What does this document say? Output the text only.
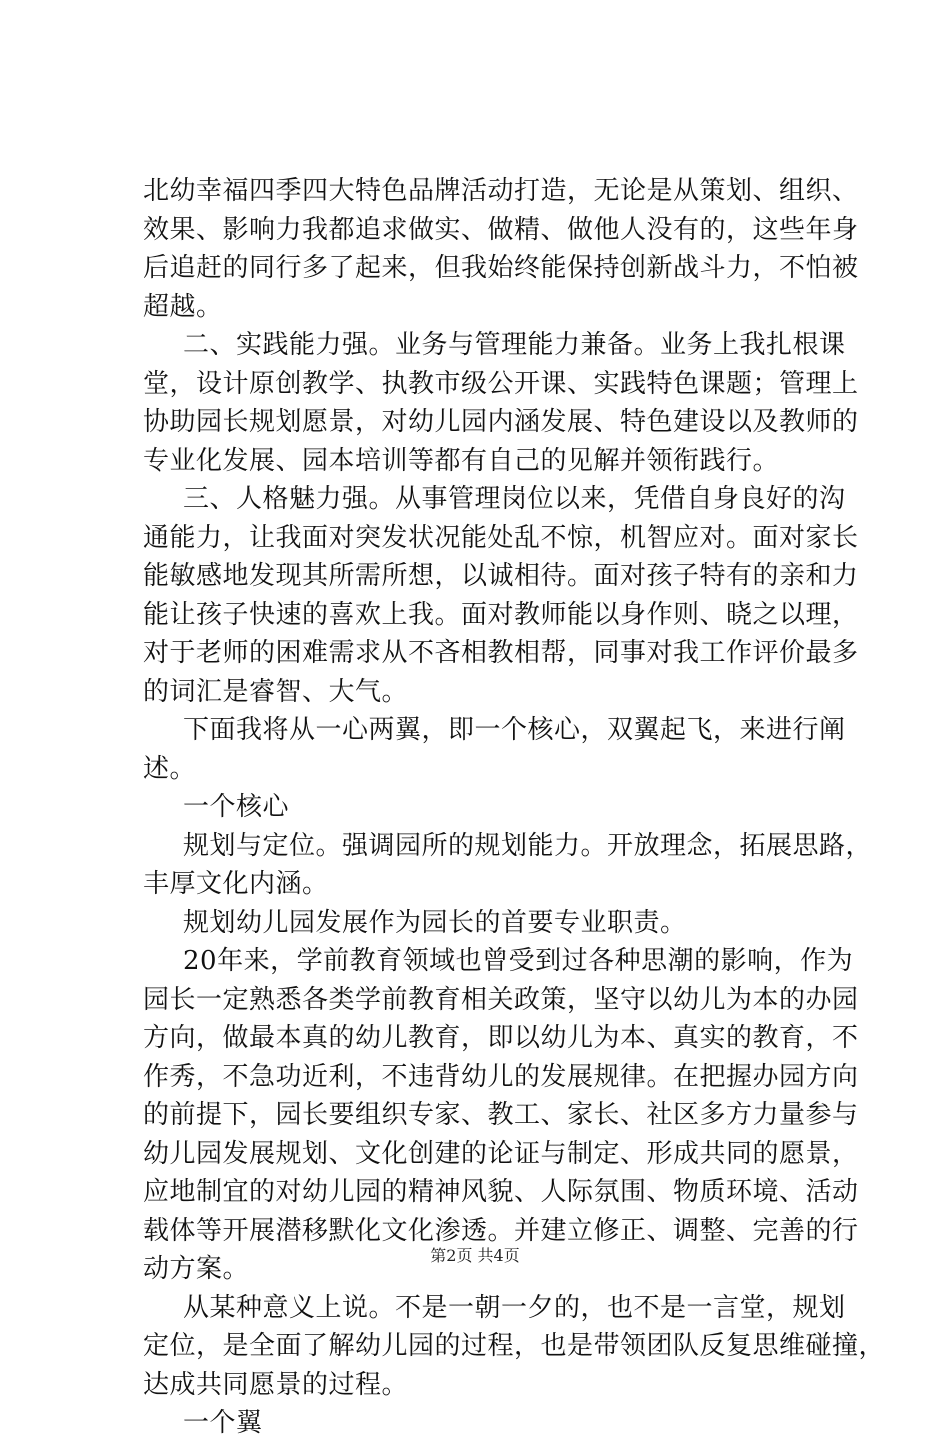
北幼幸福四季四大特色品牌活动打造，无论是从策划、组织、
效果、影响力我都追求做实、做精、做他人没有的，这些年身
后追赶的同行多了起来，但我始终能保持创新战斗力，不怕被
超越。
二、实践能力强。业务与管理能力兼备。业务上我扎根课
堂，设计原创教学、执教市级公开课、实践特色课题；管理上
协助园长规划愿景，对幼儿园内涵发展、特色建设以及教师的
专业化发展、园本培训等都有自己的见解并领衔践行。
三、人格魅力强。从事管理岗位以来，凭借自身良好的沟
通能力，让我面对突发状况能处乱不惊，机智应对。面对家长
能敏感地发现其所需所想，以诚相待。面对孩子特有的亲和力
能让孩子快速的喜欢上我。面对教师能以身作则、晓之以理，
对于老师的困难需求从不吝相教相帮，同事对我工作评价最多
的词汇是睿智、大气。
下面我将从一心两翼，即一个核心，双翼起飞，来进行阐
述。
一个核心
规划与定位。强调园所的规划能力。开放理念，拓展思路，
丰厚文化内涵。
规划幼儿园发展作为园长的首要专业职责。
20年来，学前教育领域也曾受到过各种思潮的影响，作为
园长一定熟悉各类学前教育相关政策，坚守以幼儿为本的办园
方向，做最本真的幼儿教育，即以幼儿为本、真实的教育，不
作秀，不急功近利，不违背幼儿的发展规律。在把握办园方向
的前提下，园长要组织专家、教工、家长、社区多方力量参与
幼儿园发展规划、文化创建的论证与制定、形成共同的愿景，
应地制宜的对幼儿园的精神风貌、人际氛围、物质环境、活动
载体等开展潜移默化文化渗透。并建立修正、调整、完善的行
动方案。
从某种意义上说。不是一朝一夕的，也不是一言堂，规划
定位，是全面了解幼儿园的过程，也是带领团队反复思维碰撞，
达成共同愿景的过程。
一个翼
第2页 共4页
